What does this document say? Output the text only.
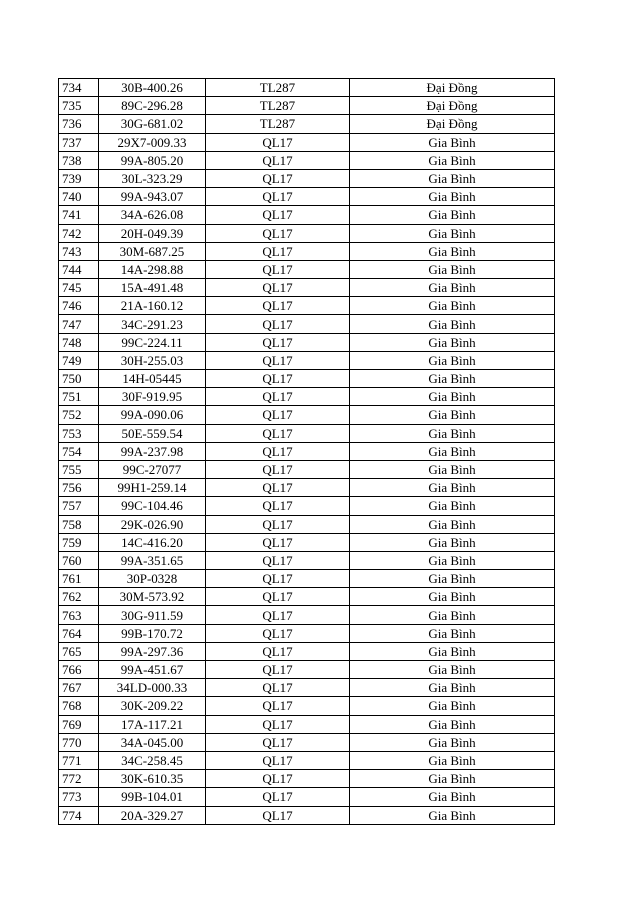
734	30B-400.26	TL287	Đại Đồng
735	89C-296.28	TL287	Đại Đồng
736	30G-681.02	TL287	Đại Đồng
737	29X7-009.33	QL17	Gia Bình
738	99A-805.20	QL17	Gia Bình
739	30L-323.29	QL17	Gia Bình
740	99A-943.07	QL17	Gia Bình
741	34A-626.08	QL17	Gia Bình
742	20H-049.39	QL17	Gia Bình
743	30M-687.25	QL17	Gia Bình
744	14A-298.88	QL17	Gia Bình
745	15A-491.48	QL17	Gia Bình
746	21A-160.12	QL17	Gia Bình
747	34C-291.23	QL17	Gia Bình
748	99C-224.11	QL17	Gia Bình
749	30H-255.03	QL17	Gia Bình
750	14H-05445	QL17	Gia Bình
751	30F-919.95	QL17	Gia Bình
752	99A-090.06	QL17	Gia Bình
753	50E-559.54	QL17	Gia Bình
754	99A-237.98	QL17	Gia Bình
755	99C-27077	QL17	Gia Bình
756	99H1-259.14	QL17	Gia Bình
757	99C-104.46	QL17	Gia Bình
758	29K-026.90	QL17	Gia Bình
759	14C-416.20	QL17	Gia Bình
760	99A-351.65	QL17	Gia Bình
761	30P-0328	QL17	Gia Bình
762	30M-573.92	QL17	Gia Bình
763	30G-911.59	QL17	Gia Bình
764	99B-170.72	QL17	Gia Bình
765	99A-297.36	QL17	Gia Bình
766	99A-451.67	QL17	Gia Bình
767	34LD-000.33	QL17	Gia Bình
768	30K-209.22	QL17	Gia Bình
769	17A-117.21	QL17	Gia Bình
770	34A-045.00	QL17	Gia Bình
771	34C-258.45	QL17	Gia Bình
772	30K-610.35	QL17	Gia Bình
773	99B-104.01	QL17	Gia Bình
774	20A-329.27	QL17	Gia Bình
